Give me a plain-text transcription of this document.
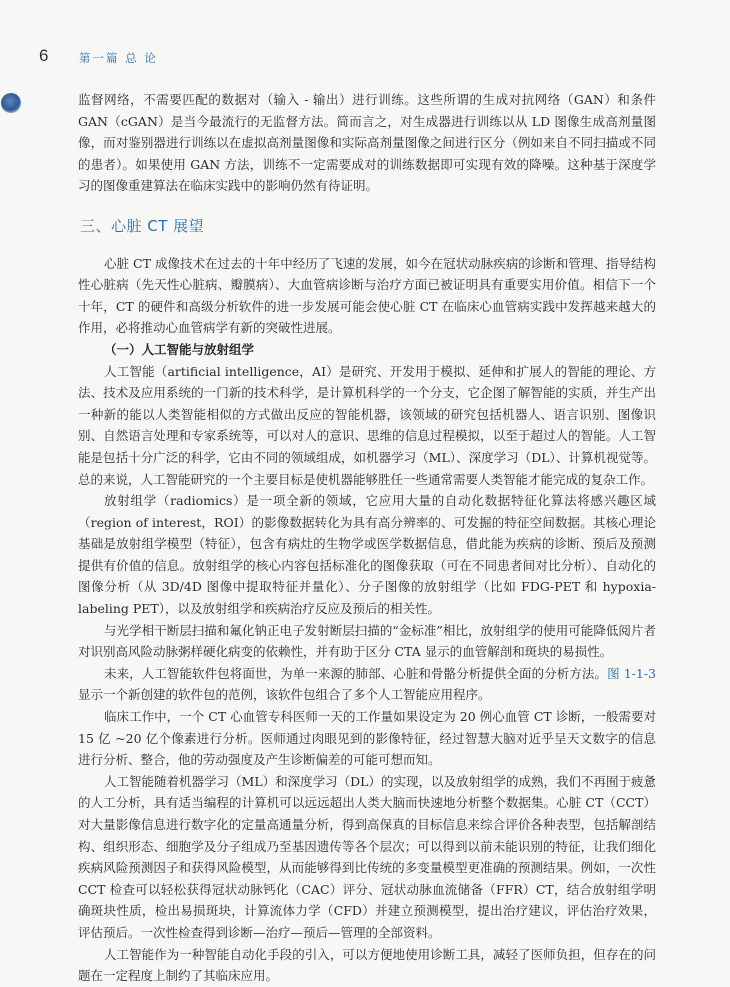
6	第一篇 总 论

监督网络，不需要匹配的数据对（输入 - 输出）进行训练。这些所谓的生成对抗网络（GAN）和条件 GAN（cGAN）是当今最流行的无监督方法。简而言之，对生成器进行训练以从 LD 图像生成高剂量图像，而对鉴别器进行训练以在虚拟高剂量图像和实际高剂量图像之间进行区分（例如来自不同扫描或不同的患者）。如果使用 GAN 方法，训练不一定需要成对的训练数据即可实现有效的降噪。这种基于深度学习的图像重建算法在临床实践中的影响仍然有待证明。

三、心脏 CT 展望

心脏 CT 成像技术在过去的十年中经历了飞速的发展，如今在冠状动脉疾病的诊断和管理、指导结构性心脏病（先天性心脏病、瓣膜病）、大血管病诊断与治疗方面已被证明具有重要实用价值。相信下一个十年，CT 的硬件和高级分析软件的进一步发展可能会使心脏 CT 在临床心血管病实践中发挥越来越大的作用，必将推动心血管病学有新的突破性进展。

（一）人工智能与放射组学

人工智能（artificial intelligence，AI）是研究、开发用于模拟、延伸和扩展人的智能的理论、方法、技术及应用系统的一门新的技术科学，是计算机科学的一个分支，它企图了解智能的实质，并生产出一种新的能以人类智能相似的方式做出反应的智能机器，该领域的研究包括机器人、语言识别、图像识别、自然语言处理和专家系统等，可以对人的意识、思维的信息过程模拟，以至于超过人的智能。人工智能是包括十分广泛的科学，它由不同的领域组成，如机器学习（ML）、深度学习（DL）、计算机视觉等。总的来说，人工智能研究的一个主要目标是使机器能够胜任一些通常需要人类智能才能完成的复杂工作。

放射组学（radiomics）是一项全新的领域，它应用大量的自动化数据特征化算法将感兴趣区域（region of interest，ROI）的影像数据转化为具有高分辨率的、可发掘的特征空间数据。其核心理论基础是放射组学模型（特征），包含有病灶的生物学或医学数据信息，借此能为疾病的诊断、预后及预测提供有价值的信息。放射组学的核心内容包括标准化的图像获取（可在不同患者间对比分析）、自动化的图像分析（从 3D/4D 图像中提取特征并量化）、分子图像的放射组学（比如 FDG-PET 和 hypoxia-labeling PET），以及放射组学和疾病治疗反应及预后的相关性。

与光学相干断层扫描和氟化钠正电子发射断层扫描的“金标准”相比，放射组学的使用可能降低阅片者对识别高风险动脉粥样硬化病变的依赖性，并有助于区分 CTA 显示的血管解剖和斑块的易损性。

未来，人工智能软件包将面世，为单一来源的肺部、心脏和骨骼分析提供全面的分析方法。图 1-1-3显示一个新创建的软件包的范例，该软件包组合了多个人工智能应用程序。

临床工作中，一个 CT 心血管专科医师一天的工作量如果设定为 20 例心血管 CT 诊断，一般需要对 15 亿 ~20 亿个像素进行分析。医师通过肉眼见到的影像特征，经过智慧大脑对近乎呈天文数字的信息进行分析、整合，他的劳动强度及产生诊断偏差的可能可想而知。

人工智能随着机器学习（ML）和深度学习（DL）的实现，以及放射组学的成熟，我们不再囿于疲惫的人工分析，具有适当编程的计算机可以远远超出人类大脑而快速地分析整个数据集。心脏 CT（CCT）对大量影像信息进行数字化的定量高通量分析，得到高保真的目标信息来综合评价各种表型，包括解剖结构、组织形态、细胞学及分子组成乃至基因遗传等各个层次；可以得到以前未能识别的特征，让我们细化疾病风险预测因子和获得风险模型，从而能够得到比传统的多变量模型更准确的预测结果。例如，一次性 CCT 检查可以轻松获得冠状动脉钙化（CAC）评分、冠状动脉血流储备（FFR）CT，结合放射组学明确斑块性质，检出易损斑块，计算流体力学（CFD）并建立预测模型，提出治疗建议，评估治疗效果，评估预后。一次性检查得到诊断—治疗—预后—管理的全部资料。

人工智能作为一种智能自动化手段的引入，可以方便地使用诊断工具，减轻了医师负担，但存在的问题在一定程度上制约了其临床应用。
